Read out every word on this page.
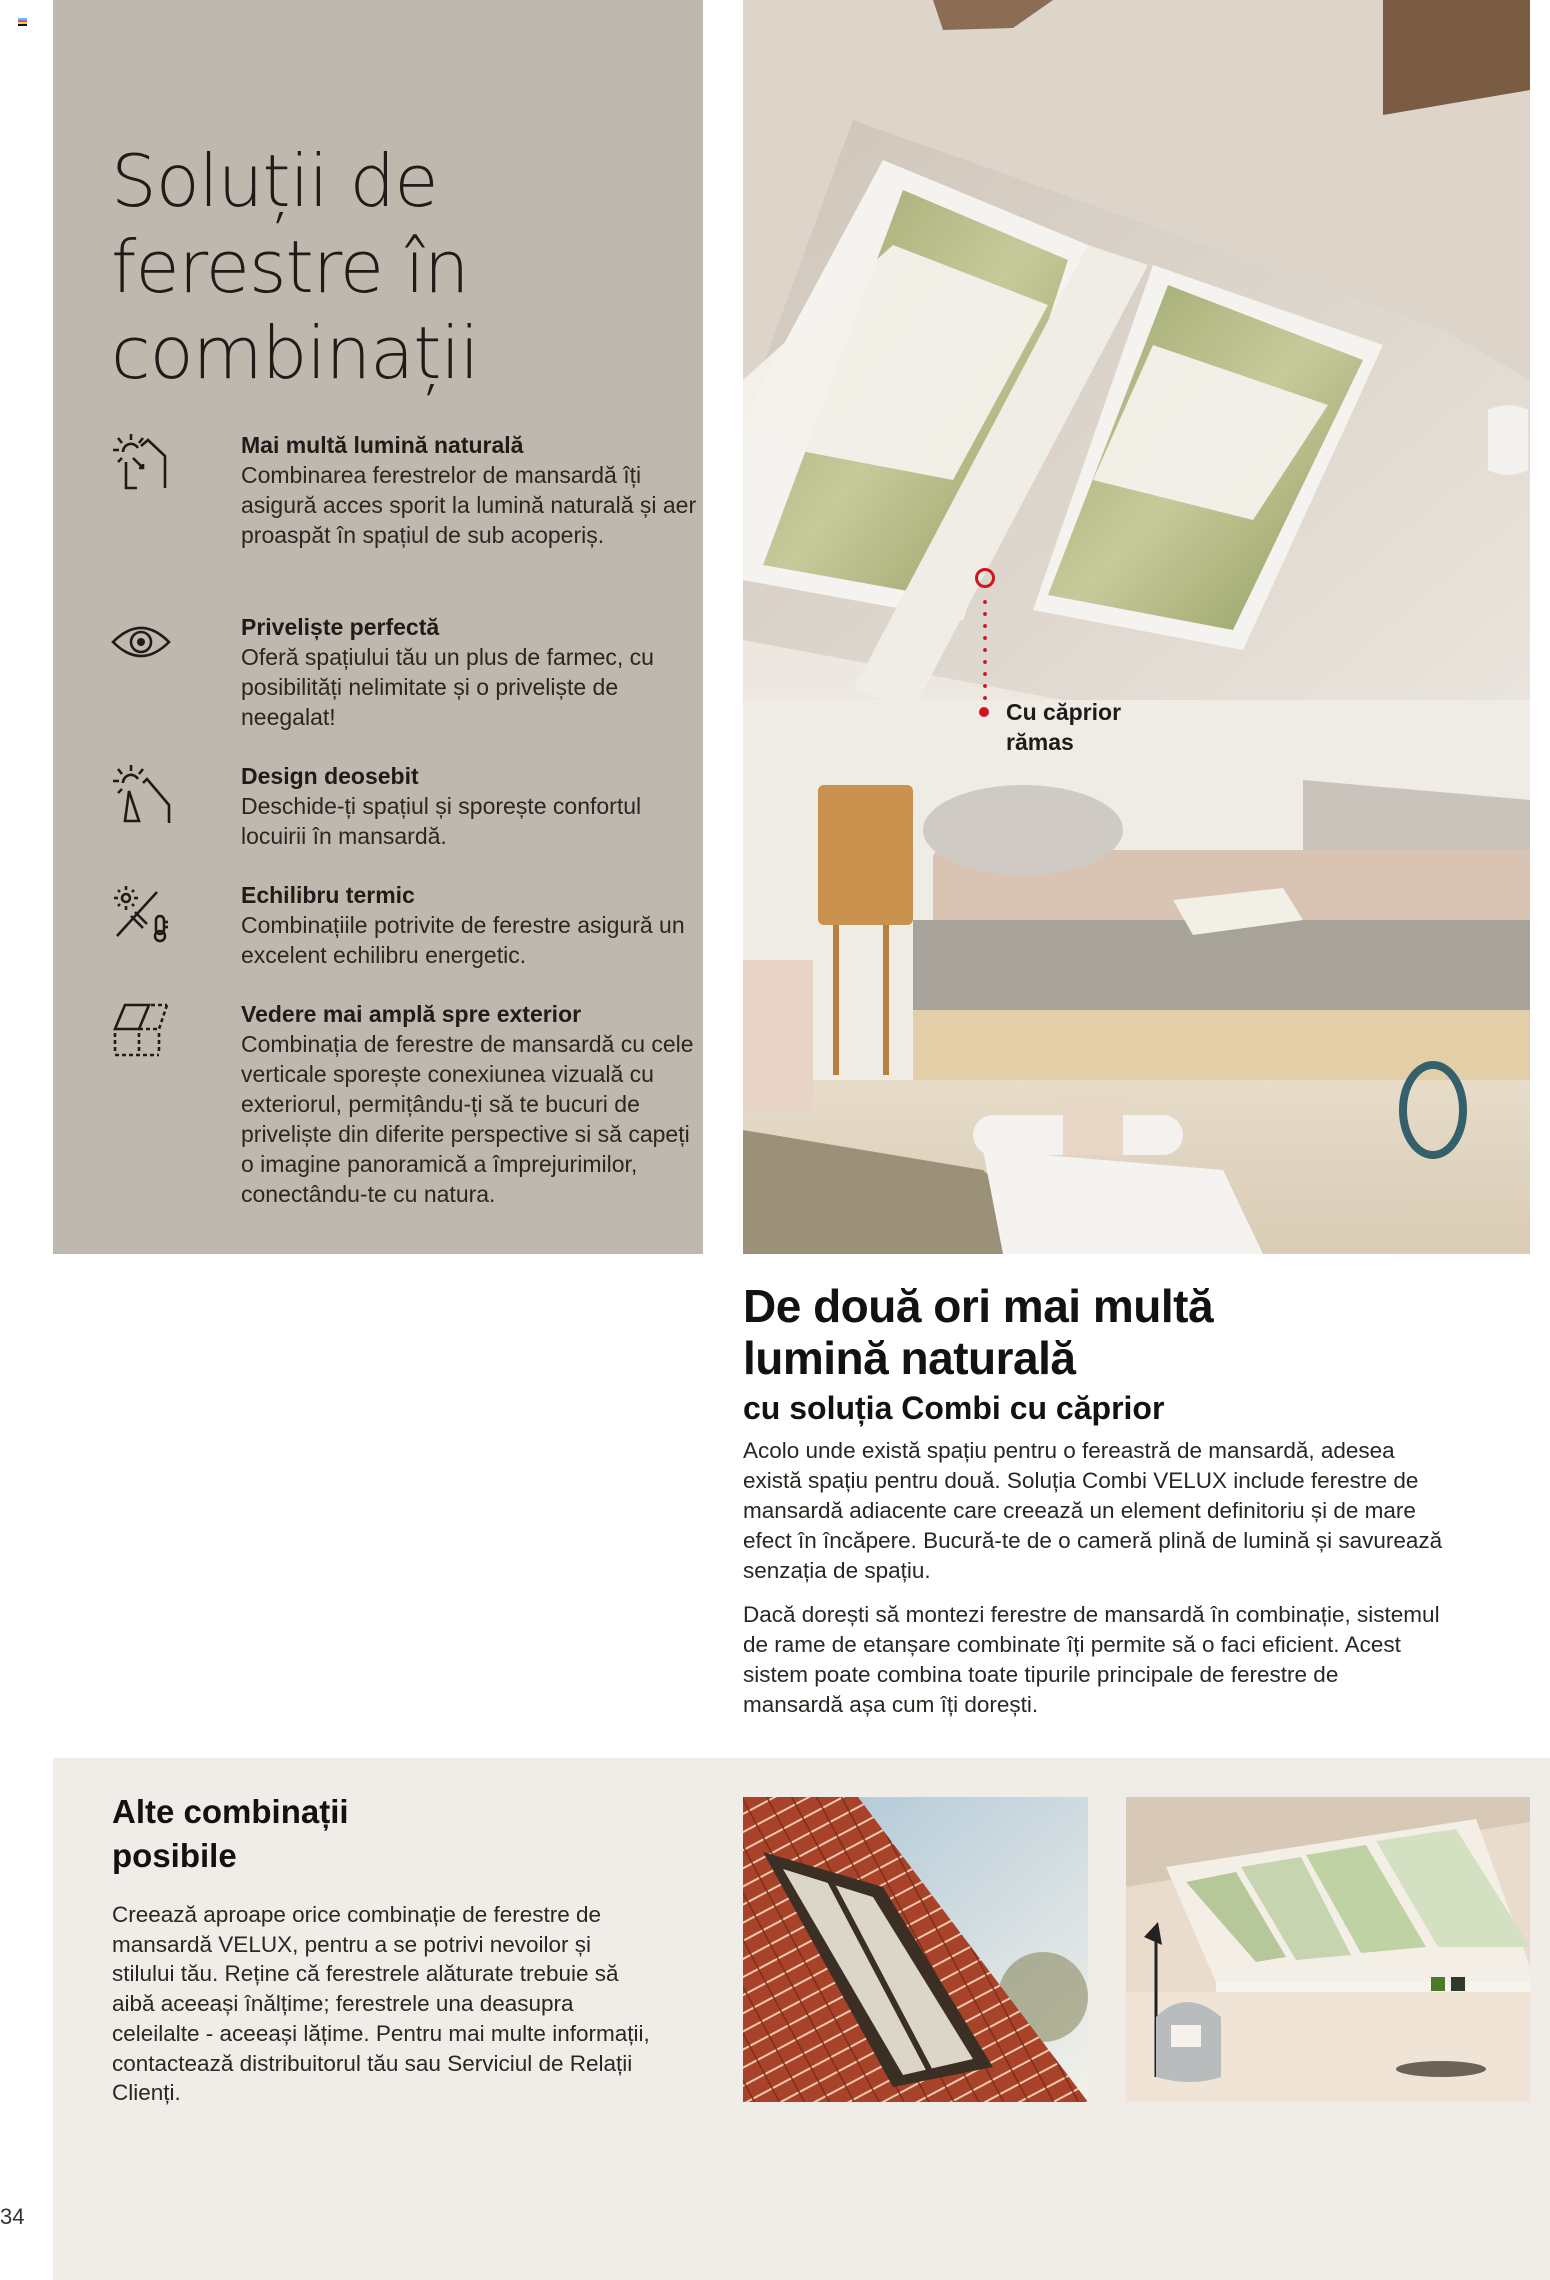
Soluții de
ferestre în
combinații
Mai multă lumină naturală

Combinarea ferestrelor de mansardă îți asigură acces sporit la lumină naturală și aer proaspăt în spațiul de sub acoperiș.

Priveliște perfectă

Oferă spațiului tău un plus de farmec, cu posibilități nelimitate și o priveliște de neegalat!

Design deosebit

Deschide-ți spațiul și sporește confortul locuirii în mansardă.

Echilibru termic

Combinațiile potrivite de ferestre asigură un excelent echilibru energetic.

Vedere mai amplă spre exterior

Combinația de ferestre de mansardă cu cele verticale sporește conexiunea vizuală cu exteriorul, permițându-ți să te bucuri de priveliște din diferite perspective si să capeți o imagine panoramică a împrejurimilor, conectându-te cu natura.

Cu căprior
rămas
De două ori mai multă
lumină naturală
cu soluția Combi cu căprior

Acolo unde există spațiu pentru o fereastră de mansardă, adesea există spațiu pentru două. Soluția Combi VELUX include ferestre de mansardă adiacente care creează un element definitoriu și de mare efect în încăpere. Bucură-te de o cameră plină de lumină și savurează senzația de spațiu.

Dacă dorești să montezi ferestre de mansardă în combinație, sistemul de rame de etanșare combinate îți permite să o faci eficient. Acest sistem poate combina toate tipurile principale de ferestre de mansardă așa cum îți dorești.

Alte combinații
posibile

Creează aproape orice combinație de ferestre de mansardă VELUX, pentru a se potrivi nevoilor și stilului tău. Reține că ferestrele alăturate trebuie să aibă aceeași înălțime; ferestrele una deasupra celeilalte - aceeași lățime. Pentru mai multe informații, contactează distribuitorul tău sau Serviciul de Relații Clienți.

34
